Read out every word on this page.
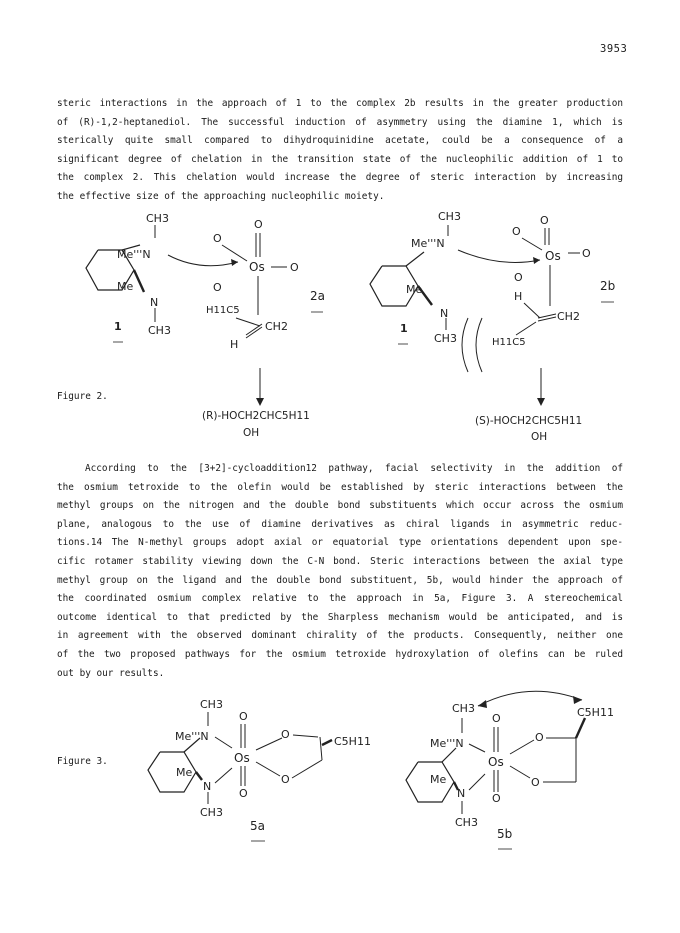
3953
steric interactions in the approach of 1 to the complex 2b results in the greater production
of (R)-1,2-heptanediol. The successful induction of asymmetry using the diamine 1, which is
sterically quite small compared to dihydroquinidine acetate, could be a consequence of a
significant degree of chelation in the transition state of the nucleophilic addition of 1 to
the complex 2. This chelation would increase the degree of steric interaction by increasing
the effective size of the approaching nucleophilic moiety.
CH3
Me'''N
Me
N
CH3
1
Os
O
O
O
O
H11C5
CH2
H
2a
(R)-HOCH2CHC5H11
OH
CH3
Me'''N
Me
N
CH3
1
Os
O
O
O
O
H
CH2
H11C5
2b
(S)-HOCH2CHC5H11
OH
Figure 2.
According to the [3+2]-cycloaddition12 pathway, facial selectivity in the addition of
the osmium tetroxide to the olefin would be established by steric interactions between the
methyl groups on the nitrogen and the double bond substituents which occur across the osmium
plane, analogous to the use of diamine derivatives as chiral ligands in asymmetric reduc-
tions.14 The N-methyl groups adopt axial or equatorial type orientations dependent upon spe-
cific rotamer stability viewing down the C-N bond. Steric interactions between the axial type
methyl group on the ligand and the double bond substituent, 5b, would hinder the approach of
the coordinated osmium complex relative to the approach in 5a, Figure 3. A stereochemical
outcome identical to that predicted by the Sharpless mechanism would be anticipated, and is
in agreement with the observed dominant chirality of the products. Consequently, neither one
of the two proposed pathways for the osmium tetroxide hydroxylation of olefins can be ruled
out by our results.
CH3
Me'''N
Me
N
CH3
Os
O
O
O
O
C5H11
5a
CH3
Me'''N
Me
N
CH3
Os
O
O
O
O
C5H11
5b
Figure 3.
